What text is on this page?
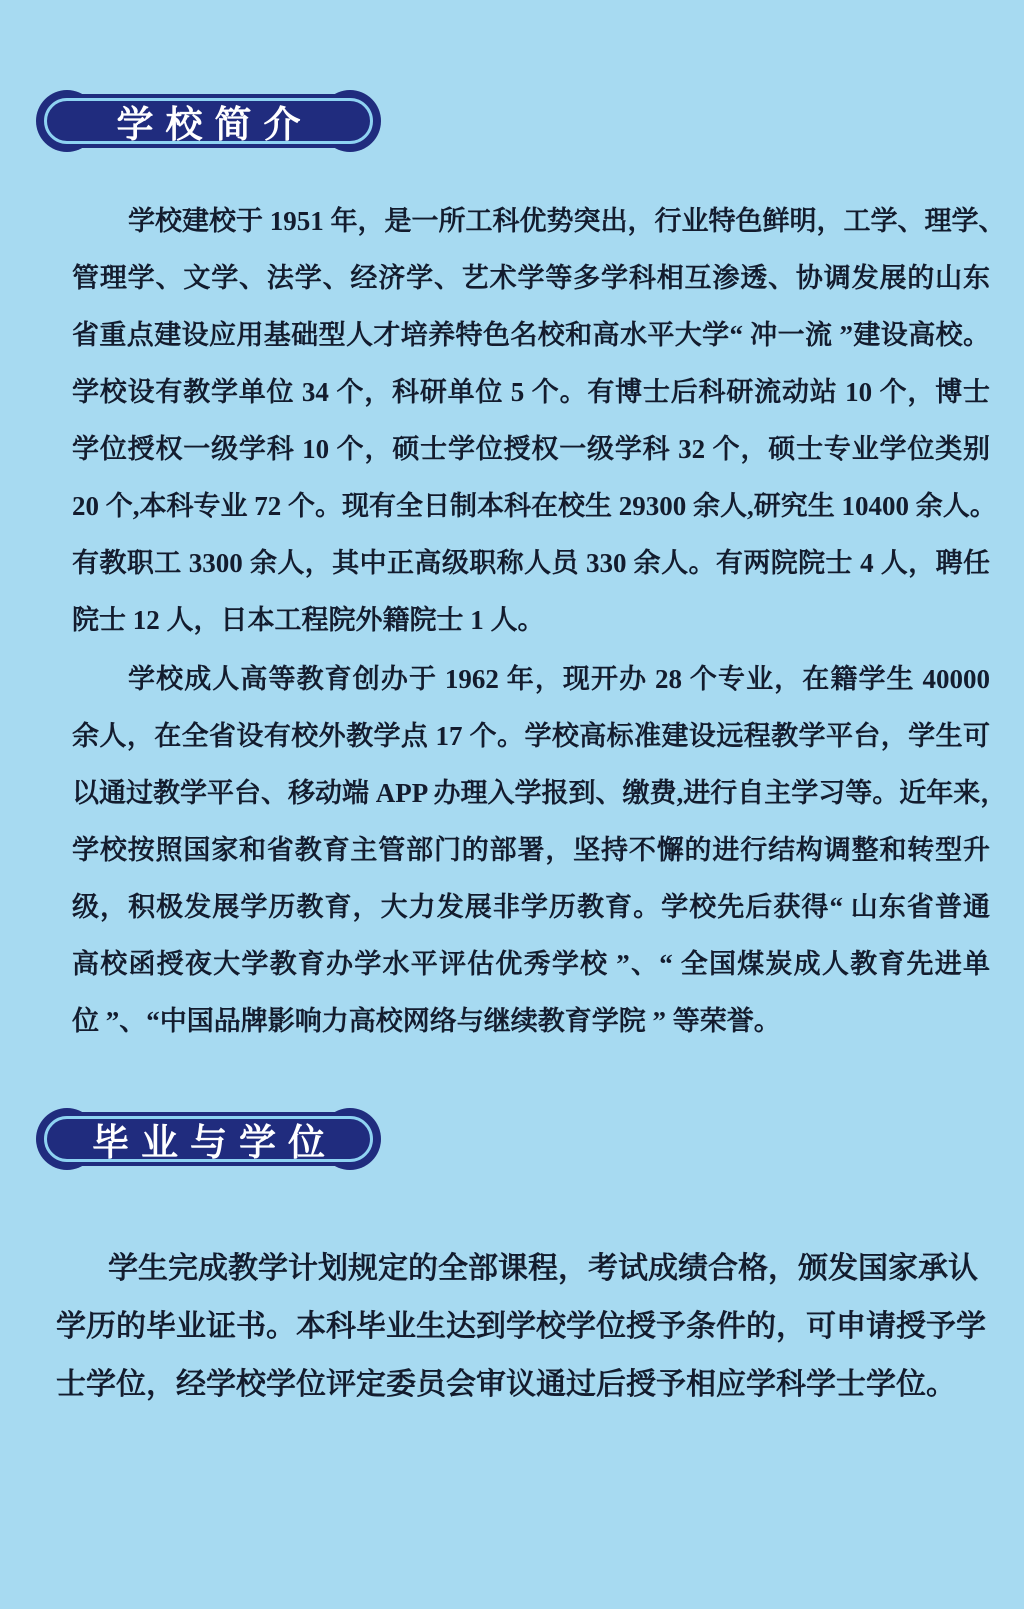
学校简介
学校建校于 1951 年，是一所工科优势突出，行业特色鲜明，工学、理学、
管理学、文学、法学、经济学、艺术学等多学科相互渗透、协调发展的山东
省重点建设应用基础型人才培养特色名校和高水平大学“ 冲一流 ”建设高校。
学校设有教学单位 34 个，科研单位 5 个。有博士后科研流动站 10 个，博士
学位授权一级学科 10 个，硕士学位授权一级学科 32 个，硕士专业学位类别
20 个,本科专业 72 个。现有全日制本科在校生 29300 余人,研究生 10400 余人。
有教职工 3300 余人，其中正高级职称人员 330 余人。有两院院士 4 人，聘任
院士 12 人，日本工程院外籍院士 1 人。
学校成人高等教育创办于 1962 年，现开办 28 个专业，在籍学生 40000
余人，在全省设有校外教学点 17 个。学校高标准建设远程教学平台，学生可
以通过教学平台、移动端 APP 办理入学报到、缴费,进行自主学习等。近年来，
学校按照国家和省教育主管部门的部署，坚持不懈的进行结构调整和转型升
级，积极发展学历教育，大力发展非学历教育。学校先后获得“ 山东省普通
高校函授夜大学教育办学水平评估优秀学校 ”、“ 全国煤炭成人教育先进单
位 ”、“中国品牌影响力高校网络与继续教育学院 ” 等荣誉。
毕业与学位
学生完成教学计划规定的全部课程，考试成绩合格，颁发国家承认
学历的毕业证书。本科毕业生达到学校学位授予条件的，可申请授予学
士学位，经学校学位评定委员会审议通过后授予相应学科学士学位。
